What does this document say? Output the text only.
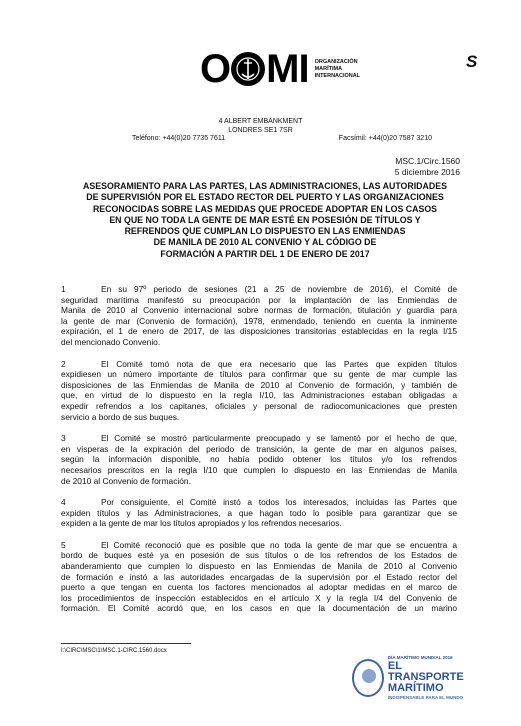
O MI ORGANIZACIÓN
MARÍTIMA
INTERNACIONAL
S
4 ALBERT EMBANKMENT
LONDRES SE1 7SR
Teléfono: +44(0)20 7735 7611	Facsímil: +44(0)20 7587 3210
MSC.1/Circ.1560
5 diciembre 2016
ASESORAMIENTO PARA LAS PARTES, LAS ADMINISTRACIONES, LAS AUTORIDADES
DE SUPERVISIÓN POR EL ESTADO RECTOR DEL PUERTO Y LAS ORGANIZACIONES
RECONOCIDAS SOBRE LAS MEDIDAS QUE PROCEDE ADOPTAR EN LOS CASOS
EN QUE NO TODA LA GENTE DE MAR ESTÉ EN POSESIÓN DE TÍTULOS Y
REFRENDOS QUE CUMPLAN LO DISPUESTO EN LAS ENMIENDAS
DE MANILA DE 2010 AL CONVENIO Y AL CÓDIGO DE
FORMACIÓN A PARTIR DEL 1 DE ENERO DE 2017
1	En su 97º periodo de sesiones (21 a 25 de noviembre de 2016), el Comité de
seguridad marítima manifestó su preocupación por la implantación de las Enmiendas de
Manila de 2010 al Convenio internacional sobre normas de formación, titulación y guardia para
la gente de mar (Convenio de formación), 1978, enmendado, teniendo en cuenta la inminente
expiración, el 1 de enero de 2017, de las disposiciones transitorias establecidas en la regla I/15
del mencionado Convenio.
2	El Comité tomó nota de que era necesario que las Partes que expiden títulos
expidiesen un número importante de títulos para confirmar que su gente de mar cumple las
disposiciones de las Enmiendas de Manila de 2010 al Convenio de formación, y también de
que, en virtud de lo dispuesto en la regla I/10, las Administraciones estaban obligadas a
expedir refrendos a los capitanes, oficiales y personal de radiocomunicaciones que presten
servicio a bordo de sus buques.
3	El Comité se mostró particularmente preocupado y se lamentó por el hecho de que,
en vísperas de la expiración del periodo de transición, la gente de mar en algunos países,
según la información disponible, no había podido obtener los títulos y/o los refrendos
necesarios prescritos en la regla I/10 que cumplen lo dispuesto en las Enmiendas de Manila
de 2010 al Convenio de formación.
4	Por consiguiente, el Comité instó a todos los interesados, incluidas las Partes que
expiden títulos y las Administraciones, a que hagan todo lo posible para garantizar que se
expiden a la gente de mar los títulos apropiados y los refrendos necesarios.
5	El Comité reconoció que es posible que no toda la gente de mar que se encuentra a
bordo de buques esté ya en posesión de sus títulos o de los refrendos de los Estados de
abanderamiento que cumplen lo dispuesto en las Enmiendas de Manila de 2010 al Convenio
de formación e instó a las autoridades encargadas de la supervisión por el Estado rector del
puerto a que tengan en cuenta los factores mencionados al adoptar medidas en el marco de
los procedimientos de inspección establecidos en el artículo X y la regla I/4 del Convenio de
formación. El Comité acordó que, en los casos en que la documentación de un marino
I:\CIRC\MSC\1\MSC.1-CIRC.1560.docx
DÍA MARÍTIMO MUNDIAL 2016
EL TRANSPORTE
MARÍTIMO
INDISPENSABLE PARA EL MUNDO
